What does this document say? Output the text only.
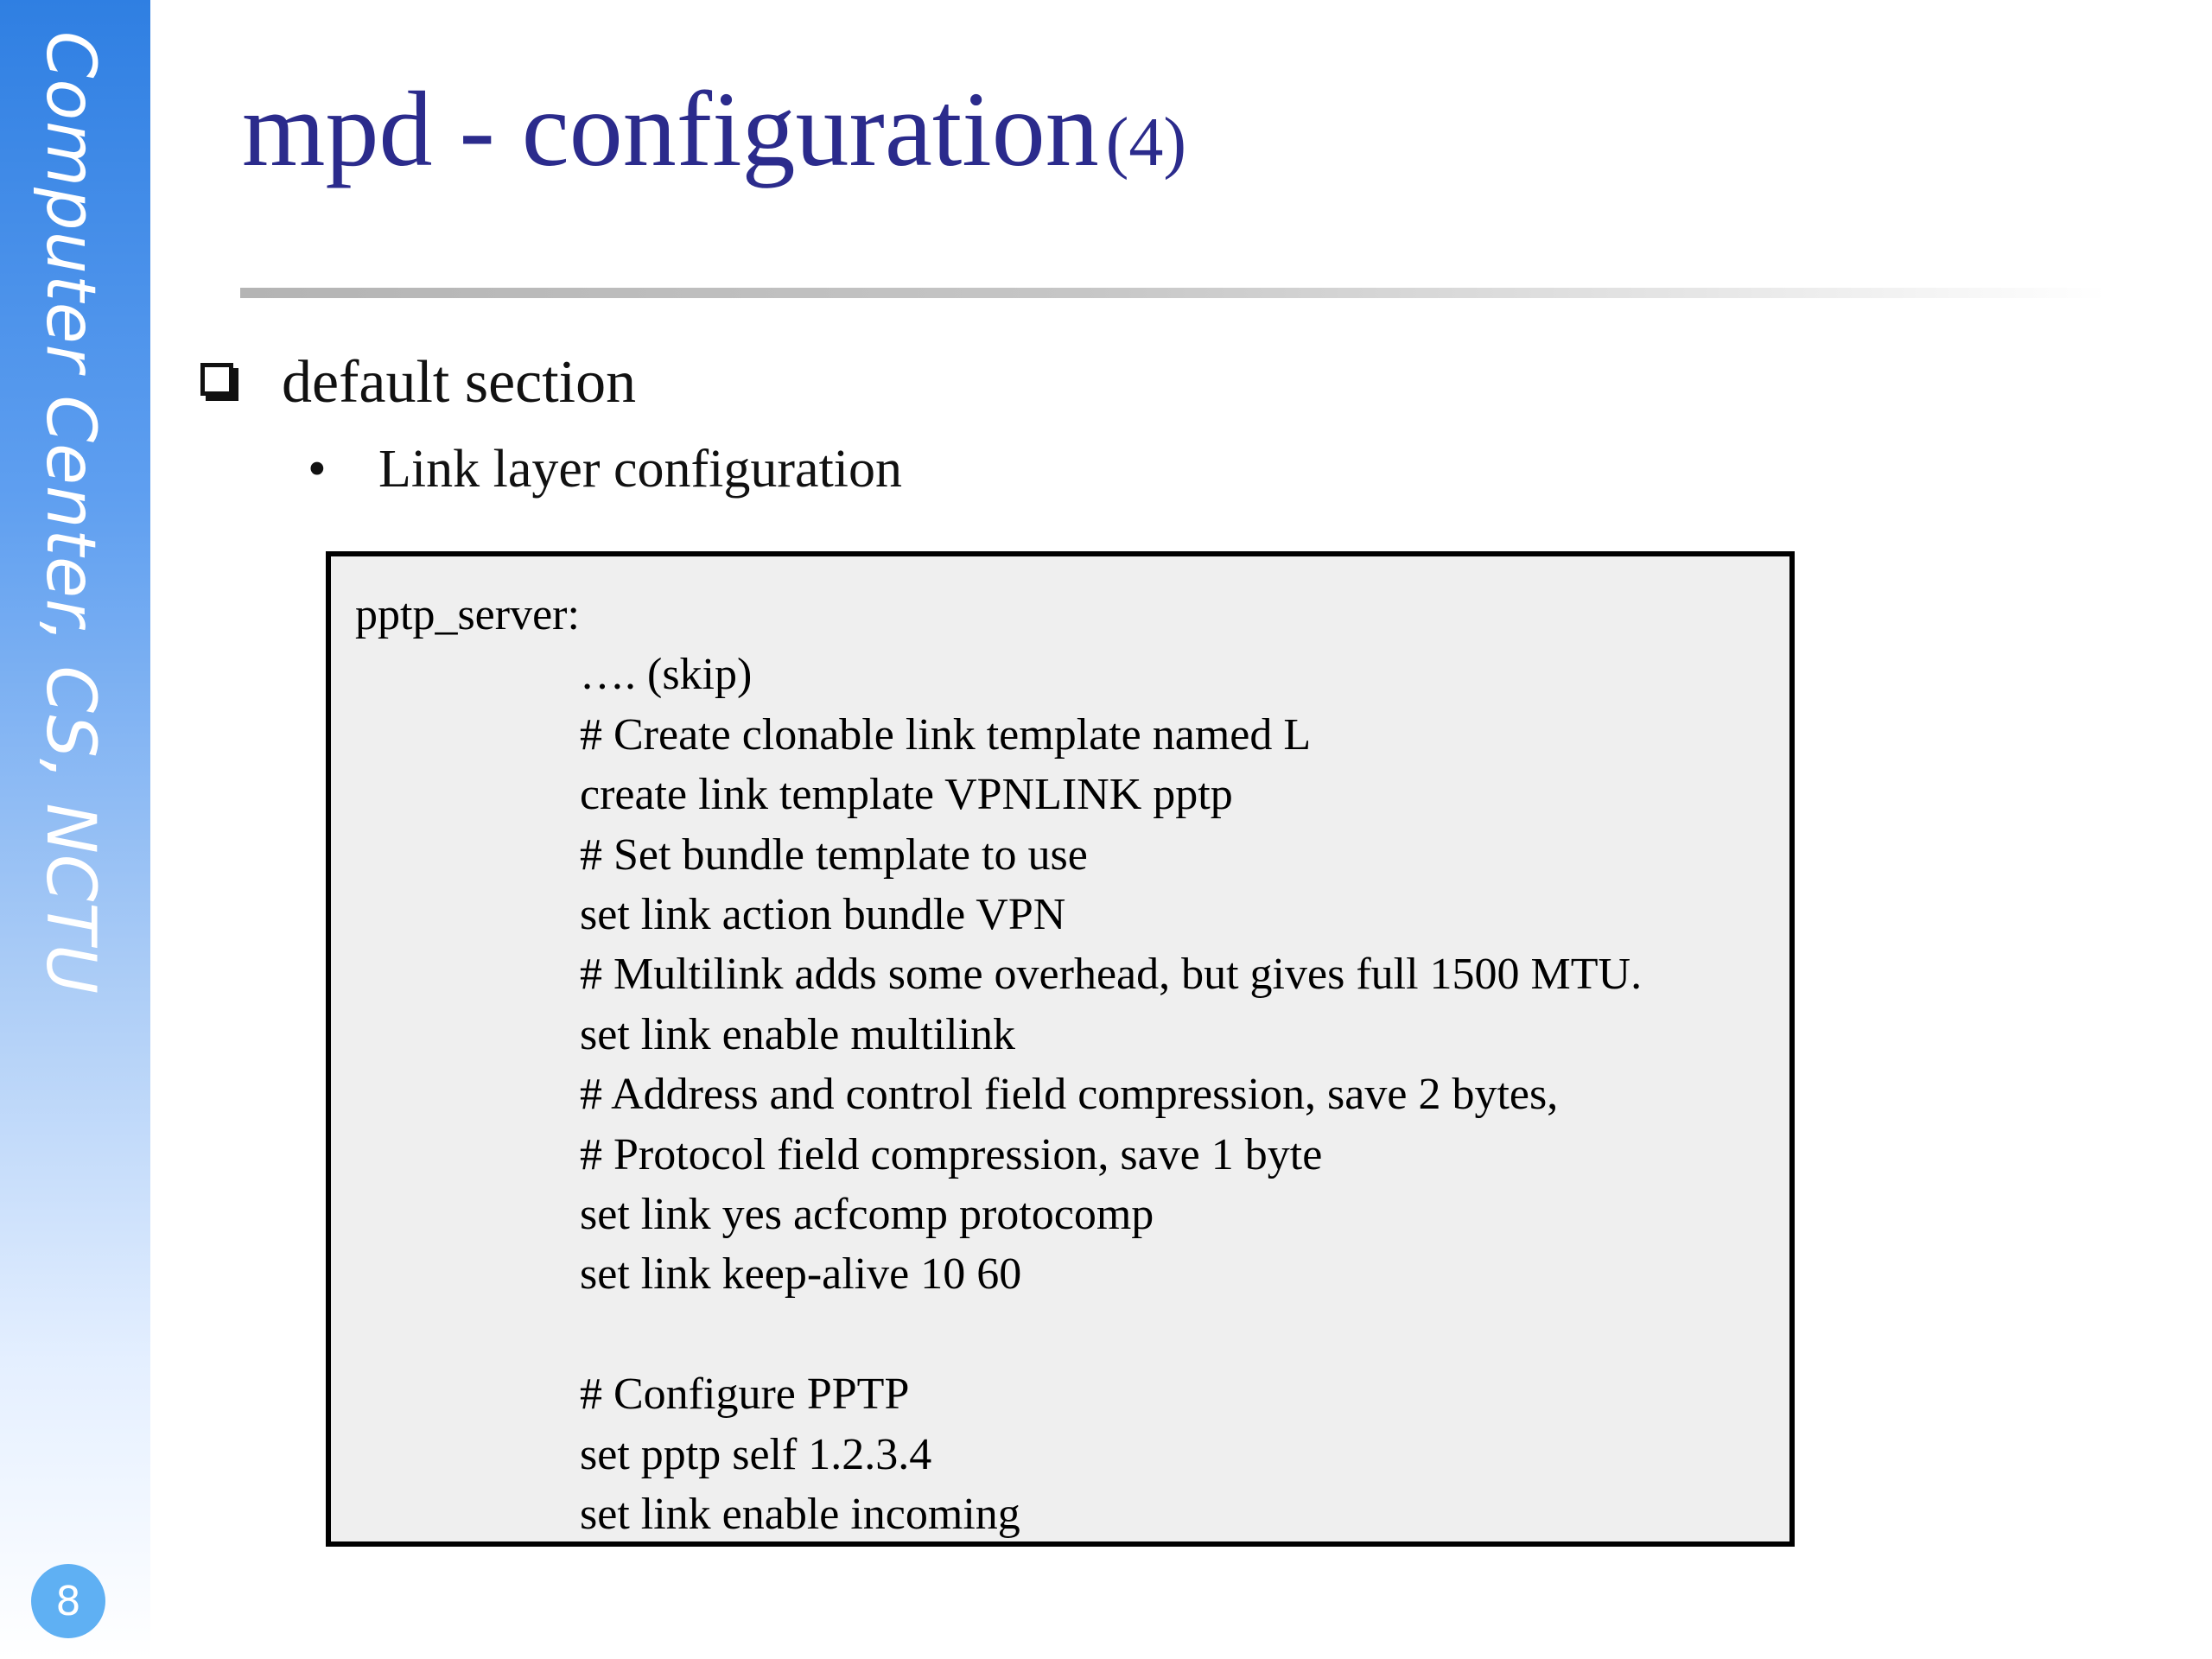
Computer Center, CS, NCTU
8
mpd - configuration (4)
default section
• Link layer configuration
pptp_server:
…. (skip)
# Create clonable link template named L
create link template VPNLINK pptp
# Set bundle template to use
set link action bundle VPN
# Multilink adds some overhead, but gives full 1500 MTU.
set link enable multilink
# Address and control field compression, save 2 bytes,
# Protocol field compression, save 1 byte
set link yes acfcomp protocomp
set link keep-alive 10 60
# Configure PPTP
set pptp self 1.2.3.4
set link enable incoming
